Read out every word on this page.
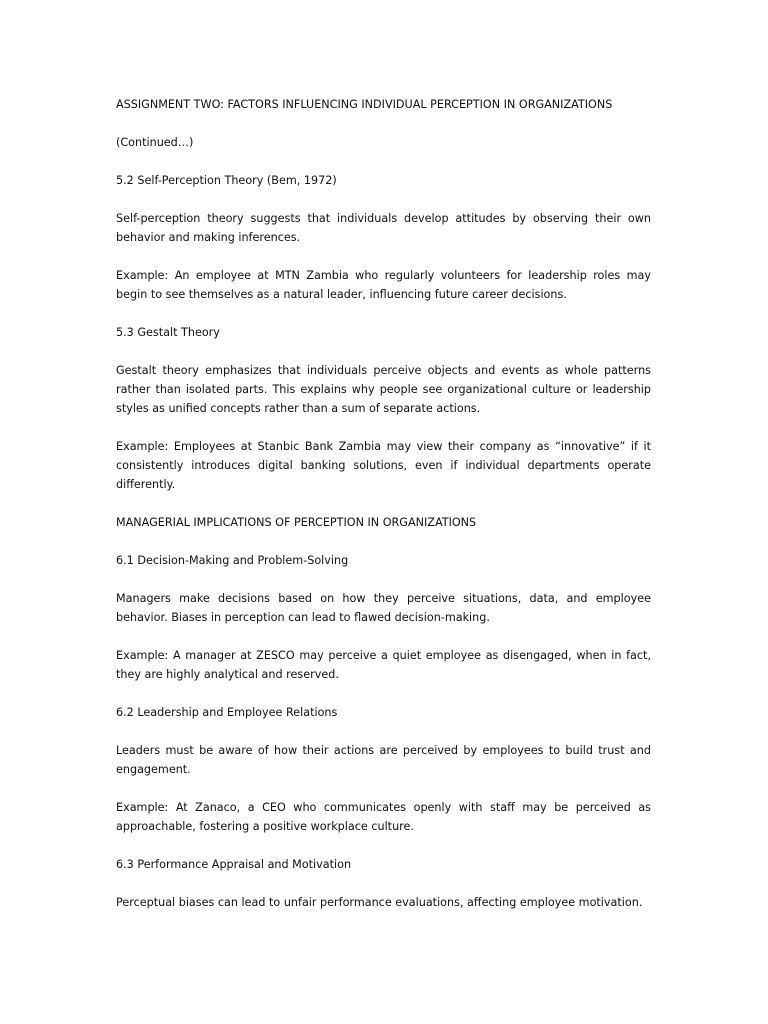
ASSIGNMENT TWO: FACTORS INFLUENCING INDIVIDUAL PERCEPTION IN ORGANIZATIONS

(Continued…)

5.2 Self-Perception Theory (Bem, 1972)

Self-perception theory suggests that individuals develop attitudes by observing their own behavior and making inferences.

Example: An employee at MTN Zambia who regularly volunteers for leadership roles may begin to see themselves as a natural leader, influencing future career decisions.

5.3 Gestalt Theory

Gestalt theory emphasizes that individuals perceive objects and events as whole patterns rather than isolated parts. This explains why people see organizational culture or leadership styles as unified concepts rather than a sum of separate actions.

Example: Employees at Stanbic Bank Zambia may view their company as “innovative” if it consistently introduces digital banking solutions, even if individual departments operate differently.

MANAGERIAL IMPLICATIONS OF PERCEPTION IN ORGANIZATIONS

6.1 Decision-Making and Problem-Solving

Managers make decisions based on how they perceive situations, data, and employee behavior. Biases in perception can lead to flawed decision-making.

Example: A manager at ZESCO may perceive a quiet employee as disengaged, when in fact, they are highly analytical and reserved.

6.2 Leadership and Employee Relations

Leaders must be aware of how their actions are perceived by employees to build trust and engagement.

Example: At Zanaco, a CEO who communicates openly with staff may be perceived as approachable, fostering a positive workplace culture.

6.3 Performance Appraisal and Motivation

Perceptual biases can lead to unfair performance evaluations, affecting employee motivation.
